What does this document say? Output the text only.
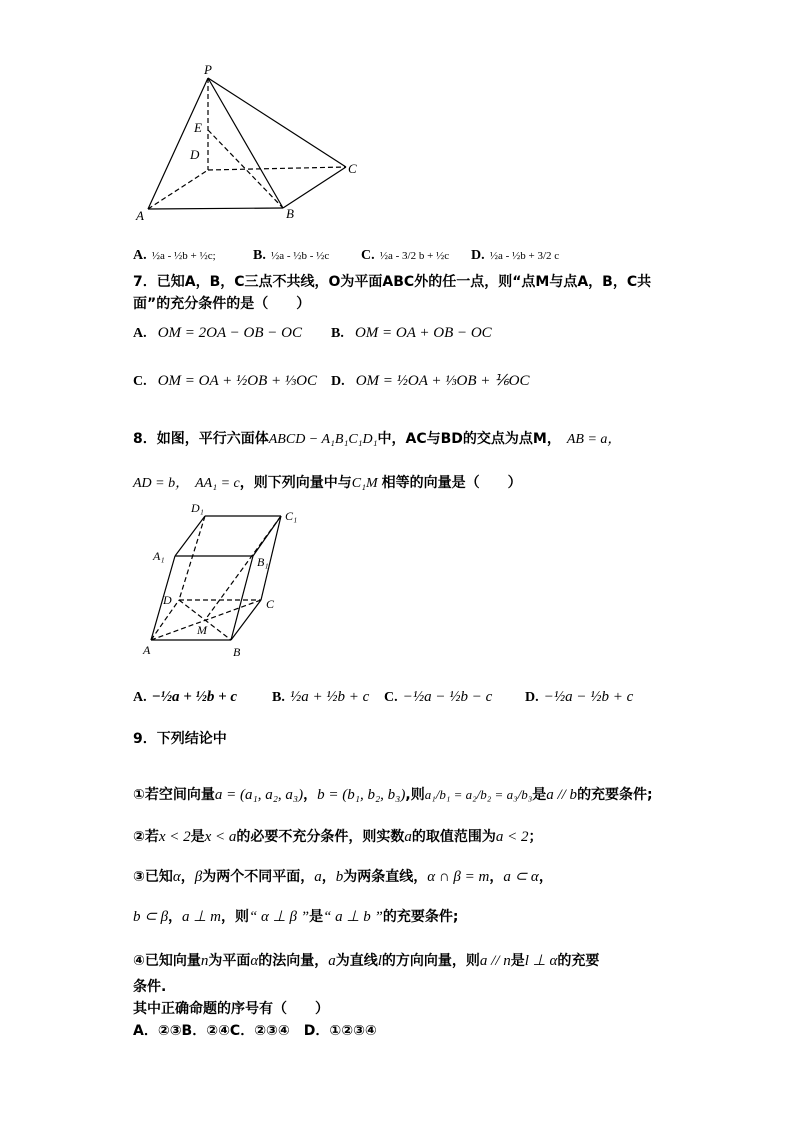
P
E
D
C
A	B
A. ½a - ½b + ½c;	B. ½a - ½b - ½c C. ½a - 3/2 b + ½c D. ½a - ½b + 3/2 c
7．已知A，B，C三点不共线，O为平面ABC外的任一点，则“点M与点A，B，C共
面”的充分条件的是（　　）
A. OM = 2OA − OB − OC B. OM = OA + OB − OC
C. OM = OA + ½OB + ⅓OC D. OM = ½OA + ⅓OB + ⅙OC
8．如图，平行六面体ABCD − A₁B₁C₁D₁中，AC与BD的交点为点M， AB = a，
AD = b， AA₁ = c，则下列向量中与C₁M 相等的向量是（　　）
D₁
C₁
A₁	B₁
D	C
M
A	B
A. −½a + ½b + c B. ½a + ½b + c C. −½a − ½b − c D. −½a − ½b + c
9．下列结论中
①若空间向量a = (a₁, a₂, a₃)，b = (b₁, b₂, b₃),则a₁/b₁ = a₂/b₂ = a₃/b₃是a // b的充要条件;
②若x < 2是x < a的必要不充分条件，则实数a的取值范围为a < 2；
③已知α，β为两个不同平面，a，b为两条直线，α ∩ β = m，a ⊂ α，
b ⊂ β，a ⊥ m，则“ α ⊥ β ”是“ a ⊥ b ”的充要条件;
④已知向量n为平面α的法向量，a为直线l的方向向量，则a // n是l ⊥ α的充要
条件.
其中正确命题的序号有（　　）
A．②③B．②④C．②③④　D．①②③④
